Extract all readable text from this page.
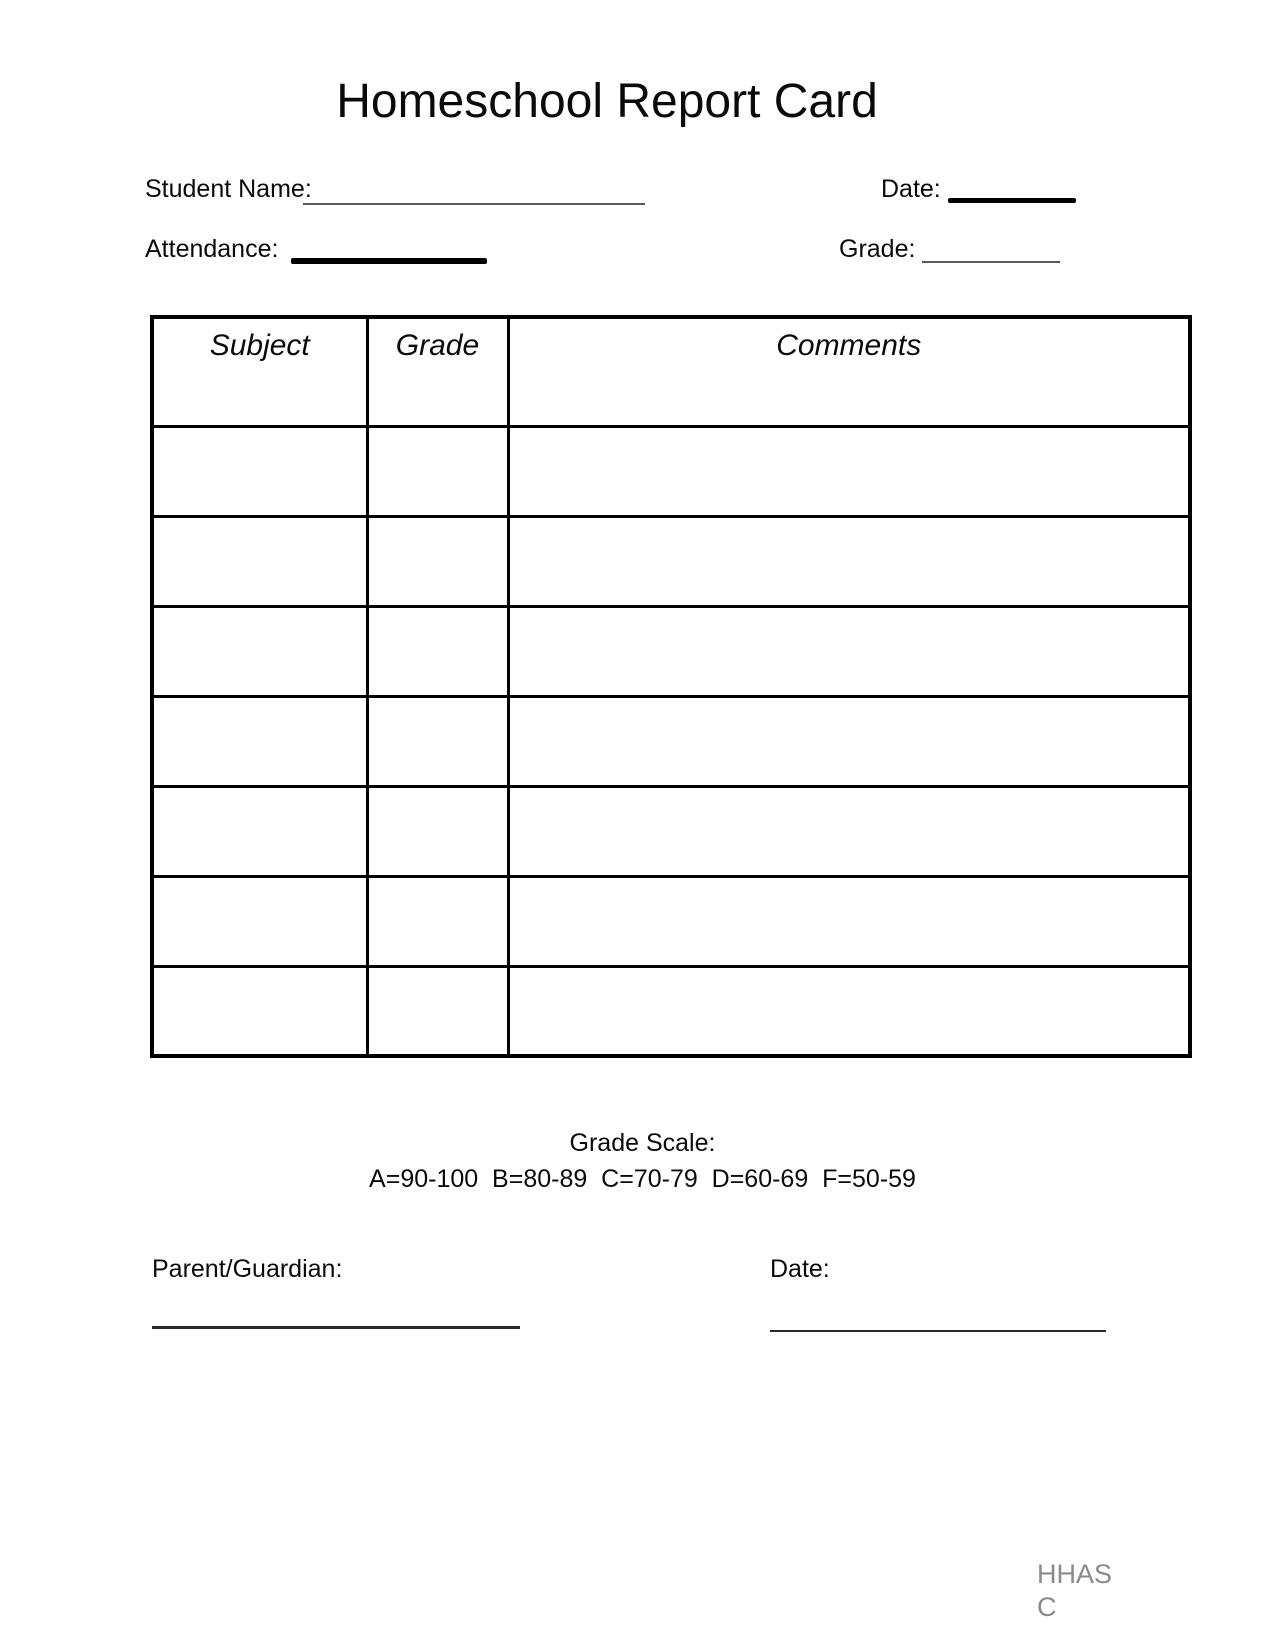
Homeschool Report Card
Student Name:	Date:
Attendance:	Grade:
Subject	Grade	Comments

Grade Scale:
A=90-100  B=80-89  C=70-79  D=60-69  F=50-59
Parent/Guardian:	Date:
HHAS
C
